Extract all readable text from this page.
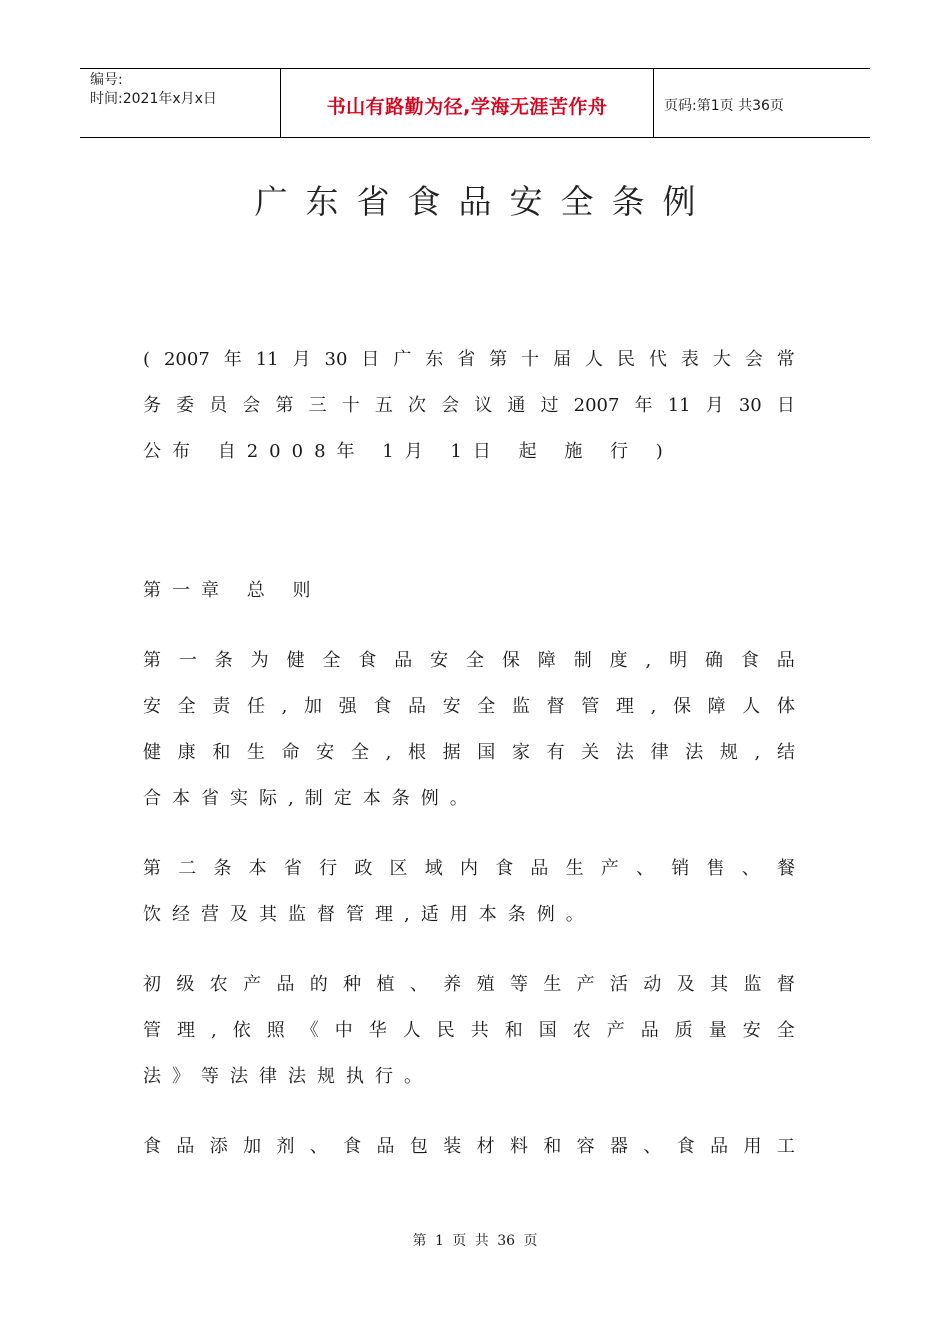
编号:
时间:2021年x月x日	书山有路勤为径,学海无涯苦作舟	页码:第1页 共36页
广东省食品安全条例
( 2007 年 11 月 30 日 广 东 省 第 十 届 人 民 代 表 大 会 常
务 委 员 会 第 三 十 五 次 会 议 通 过 2007 年 11 月 30 日
公布 自2008年 1月 1日 起 施 行 )
第一章 总 则
第 一 条 为 健 全 食 品 安 全 保 障 制 度 , 明 确 食 品
安 全 责 任 , 加 强 食 品 安 全 监 督 管 理 , 保 障 人 体
健 康 和 生 命 安 全 , 根 据 国 家 有 关 法 律 法 规 , 结
合本省实际,制定本条例。
第 二 条 本 省 行 政 区 域 内 食 品 生 产 、 销 售 、 餐
饮经营及其监督管理,适用本条例。
初 级 农 产 品 的 种 植 、 养 殖 等 生 产 活 动 及 其 监 督
管 理 , 依 照 《 中 华 人 民 共 和 国 农 产 品 质 量 安 全
法》等法律法规执行。
食 品 添 加 剂 、 食 品 包 装 材 料 和 容 器 、 食 品 用 工
第 1 页 共 36 页
